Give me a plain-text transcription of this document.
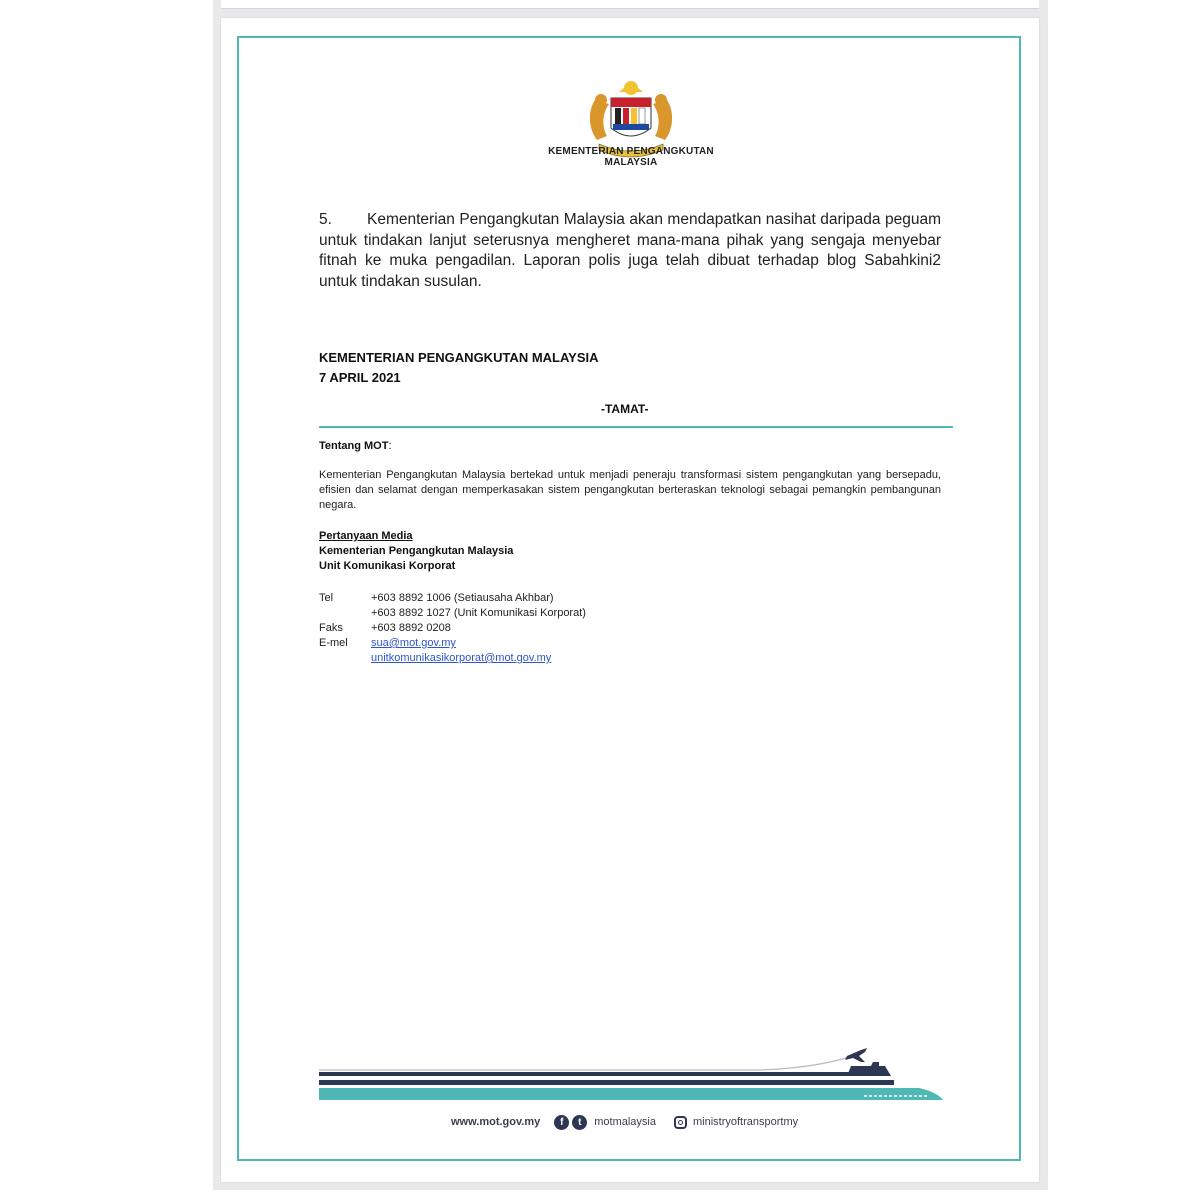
KEMENTERIAN PENGANGKUTAN
MALAYSIA
5. Kementerian Pengangkutan Malaysia akan mendapatkan nasihat daripada peguam untuk tindakan lanjut seterusnya mengheret mana-mana pihak yang sengaja menyebar fitnah ke muka pengadilan. Laporan polis juga telah dibuat terhadap blog Sabahkini2 untuk tindakan susulan.
KEMENTERIAN PENGANGKUTAN MALAYSIA
7 APRIL 2021
-TAMAT-
Tentang MOT:
Kementerian Pengangkutan Malaysia bertekad untuk menjadi peneraju transformasi sistem pengangkutan yang bersepadu, efisien dan selamat dengan memperkasakan sistem pengangkutan berteraskan teknologi sebagai pemangkin pembangunan negara.
Pertanyaan Media
Kementerian Pengangkutan Malaysia
Unit Komunikasi Korporat
Tel	+603 8892 1006 (Setiausaha Akhbar)
+603 8892 1027 (Unit Komunikasi Korporat)
Faks	+603 8892 0208
E-mel	sua@mot.gov.my
unitkomunikasikorporat@mot.gov.my
www.mot.gov.my	f	t	motmalaysia	ministryoftransportmy
